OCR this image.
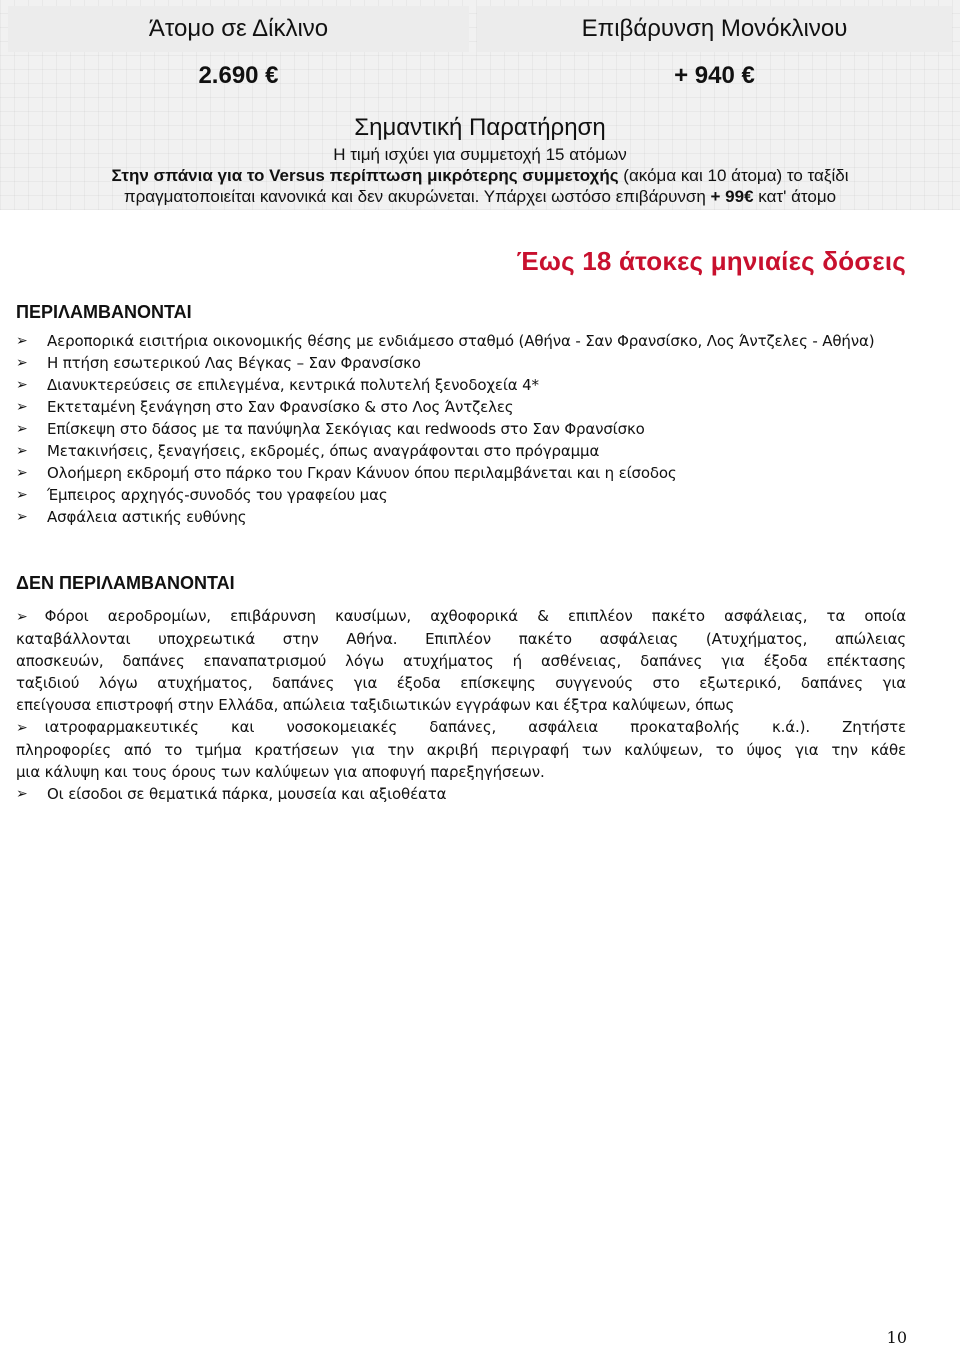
Άτομο σε Δίκλινο	Επιβάρυνση Μονόκλινου
2.690 €	+ 940 €
Σημαντική Παρατήρηση
Η τιμή ισχύει για συμμετοχή 15 ατόμων
Στην σπάνια για το Versus περίπτωση μικρότερης συμμετοχής (ακόμα και 10 άτομα) το ταξίδι
πραγματοποιείται κανονικά και δεν ακυρώνεται. Υπάρχει ωστόσο επιβάρυνση + 99€ κατ' άτομο
Έως 18 άτοκες μηνιαίες δόσεις
ΠΕΡΙΛΑΜΒΑΝΟΝΤΑΙ
➢ Αεροπορικά εισιτήρια οικονομικής θέσης με ενδιάμεσο σταθμό (Αθήνα - Σαν Φρανσίσκο, Λος Άντζελες - Αθήνα)
➢ Η πτήση εσωτερικού Λας Βέγκας – Σαν Φρανσίσκο
➢ Διανυκτερεύσεις σε επιλεγμένα, κεντρικά πολυτελή ξενοδοχεία 4*
➢ Εκτεταμένη ξενάγηση στο Σαν Φρανσίσκο & στο Λος Άντζελες
➢ Επίσκεψη στο δάσος με τα πανύψηλα Σεκόγιας και redwoods στο Σαν Φρανσίσκο
➢ Μετακινήσεις, ξεναγήσεις, εκδρομές, όπως αναγράφονται στο πρόγραμμα
➢ Ολοήμερη εκδρομή στο πάρκο του Γκραν Κάνυον όπου περιλαμβάνεται και η είσοδος
➢ Έμπειρος αρχηγός-συνοδός του γραφείου μας
➢ Ασφάλεια αστικής ευθύνης
ΔΕΝ ΠΕΡΙΛΑΜΒΑΝΟΝΤΑΙ
➢ Φόροι αεροδρομίων, επιβάρυνση καυσίμων, αχθοφορικά & επιπλέον πακέτο ασφάλειας, τα οποία
καταβάλλονται υποχρεωτικά στην Αθήνα. Επιπλέον πακέτο ασφάλειας (Ατυχήματος, απώλειας
αποσκευών, δαπάνες επαναπατρισμού λόγω ατυχήματος ή ασθένειας, δαπάνες για έξοδα επέκτασης
ταξιδιού λόγω ατυχήματος, δαπάνες για έξοδα επίσκεψης συγγενούς στο εξωτερικό, δαπάνες για
επείγουσα επιστροφή στην Ελλάδα, απώλεια ταξιδιωτικών εγγράφων και έξτρα καλύψεων, όπως
➢ ιατροφαρμακευτικές και νοσοκομειακές δαπάνες, ασφάλεια προκαταβολής κ.ά.). Ζητήστε
πληροφορίες από το τμήμα κρατήσεων για την ακριβή περιγραφή των καλύψεων, το ύψος για την κάθε
μια κάλυψη και τους όρους των καλύψεων για αποφυγή παρεξηγήσεων.
➢ Οι είσοδοι σε θεματικά πάρκα, μουσεία και αξιοθέατα
10
